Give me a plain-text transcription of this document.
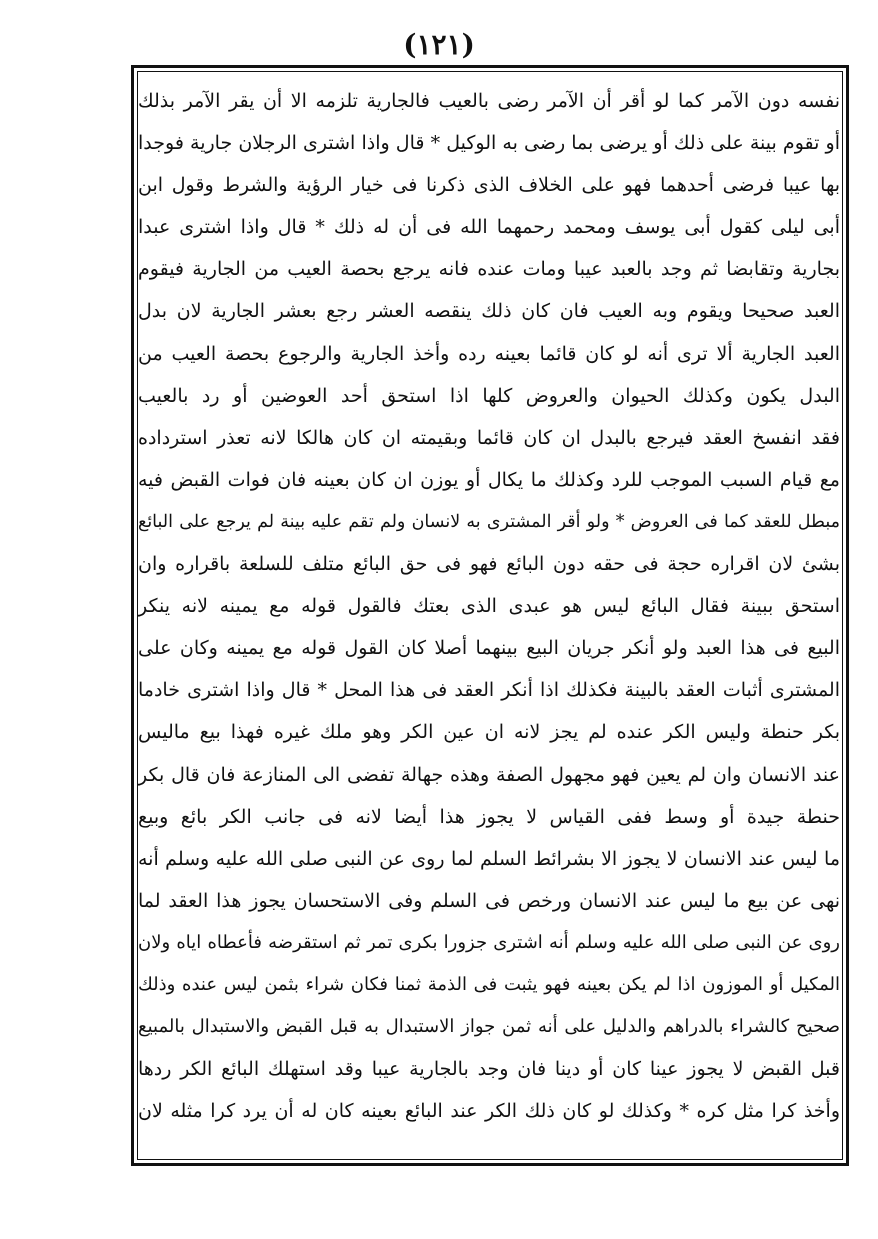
(١٢١)
نفسه دون الآمر كما لو أقر أن الآمر رضى بالعيب فالجارية تلزمه الا أن يقر الآمر بذلك
أو تقوم بينة على ذلك أو يرضى بما رضى به الوكيل * قال واذا اشترى الرجلان جارية فوجدا
بها عيبا فرضى أحدهما فهو على الخلاف الذى ذكرنا فى خيار الرؤية والشرط وقول ابن
أبى ليلى كقول أبى يوسف ومحمد رحمهما الله فى أن له ذلك * قال واذا اشترى عبدا
بجارية وتقابضا ثم وجد بالعبد عيبا ومات عنده فانه يرجع بحصة العيب من الجارية فيقوم
العبد صحيحا ويقوم وبه العيب فان كان ذلك ينقصه العشر رجع بعشر الجارية لان بدل
العبد الجارية ألا ترى أنه لو كان قائما بعينه رده وأخذ الجارية والرجوع بحصة العيب من
البدل يكون وكذلك الحيوان والعروض كلها اذا استحق أحد العوضين أو رد بالعيب
فقد انفسخ العقد فيرجع بالبدل ان كان قائما وبقيمته ان كان هالكا لانه تعذر استرداده
مع قيام السبب الموجب للرد وكذلك ما يكال أو يوزن ان كان بعينه فان فوات القبض فيه
مبطل للعقد كما فى العروض * ولو أقر المشترى به لانسان ولم تقم عليه بينة لم يرجع على البائع
بشئ لان اقراره حجة فى حقه دون البائع فهو فى حق البائع متلف للسلعة باقراره وان
استحق ببينة فقال البائع ليس هو عبدى الذى بعتك فالقول قوله مع يمينه لانه ينكر
البيع فى هذا العبد ولو أنكر جريان البيع بينهما أصلا كان القول قوله مع يمينه وكان على
المشترى أثبات العقد بالبينة فكذلك اذا أنكر العقد فى هذا المحل * قال واذا اشترى خادما
بكر حنطة وليس الكر عنده لم يجز لانه ان عين الكر وهو ملك غيره فهذا بيع ماليس
عند الانسان وان لم يعين فهو مجهول الصفة وهذه جهالة تفضى الى المنازعة فان قال بكر
حنطة جيدة أو وسط ففى القياس لا يجوز هذا أيضا لانه فى جانب الكر بائع وبيع
ما ليس عند الانسان لا يجوز الا بشرائط السلم لما روى عن النبى صلى الله عليه وسلم أنه
نهى عن بيع ما ليس عند الانسان ورخص فى السلم وفى الاستحسان يجوز هذا العقد لما
روى عن النبى صلى الله عليه وسلم أنه اشترى جزورا بكرى تمر ثم استقرضه فأعطاه اياه ولان
المكيل أو الموزون اذا لم يكن بعينه فهو يثبت فى الذمة ثمنا فكان شراء بثمن ليس عنده وذلك
صحيح كالشراء بالدراهم والدليل على أنه ثمن جواز الاستبدال به قبل القبض والاستبدال بالمبيع
قبل القبض لا يجوز عينا كان أو دينا فان وجد بالجارية عيبا وقد استهلك البائع الكر ردها
وأخذ كرا مثل كره * وكذلك لو كان ذلك الكر عند البائع بعينه كان له أن يرد كرا مثله لان
